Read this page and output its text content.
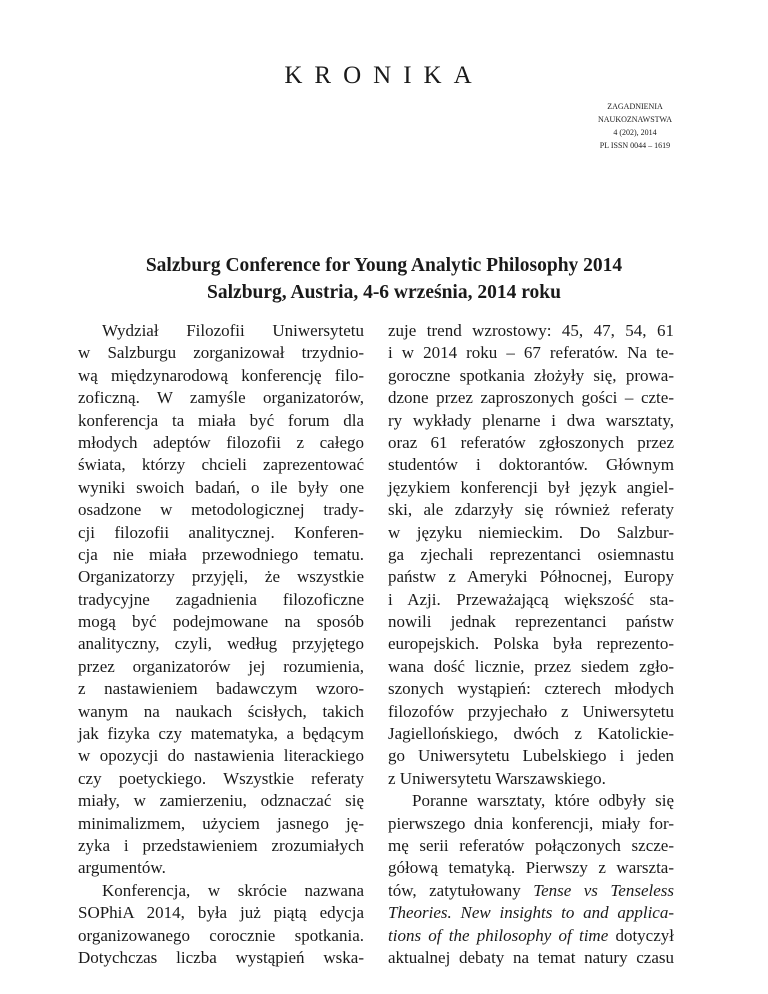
KRONIKA
ZAGADNIENIA
NAUKOZNAWSTWA
4 (202), 2014
PL ISSN 0044 – 1619
Salzburg Conference for Young Analytic Philosophy 2014
Salzburg, Austria, 4-6 września, 2014 roku
Wydział Filozofii Uniwersytetu
w Salzburgu zorganizował trzydnio-
wą międzynarodową konferencję filo-
zoficzną. W zamyśle organizatorów,
konferencja ta miała być forum dla
młodych adeptów filozofii z całego
świata, którzy chcieli zaprezentować
wyniki swoich badań, o ile były one
osadzone w metodologicznej trady-
cji filozofii analitycznej. Konferen-
cja nie miała przewodniego tematu.
Organizatorzy przyjęli, że wszystkie
tradycyjne zagadnienia filozoficzne
mogą być podejmowane na sposób
analityczny, czyli, według przyjętego
przez organizatorów jej rozumienia,
z nastawieniem badawczym wzoro-
wanym na naukach ścisłych, takich
jak fizyka czy matematyka, a będącym
w opozycji do nastawienia literackiego
czy poetyckiego. Wszystkie referaty
miały, w zamierzeniu, odznaczać się
minimalizmem, użyciem jasnego ję-
zyka i przedstawieniem zrozumiałych
argumentów.
Konferencja, w skrócie nazwana
SOPhiA 2014, była już piątą edycja
organizowanego corocznie spotkania.
Dotychczas liczba wystąpień wska-
zuje trend wzrostowy: 45, 47, 54, 61
i w 2014 roku – 67 referatów. Na te-
goroczne spotkania złożyły się, prowa-
dzone przez zaproszonych gości – czte-
ry wykłady plenarne i dwa warsztaty,
oraz 61 referatów zgłoszonych przez
studentów i doktorantów. Głównym
językiem konferencji był język angiel-
ski, ale zdarzyły się również referaty
w języku niemieckim. Do Salzbur-
ga zjechali reprezentanci osiemnastu
państw z Ameryki Północnej, Europy
i Azji. Przeważającą większość sta-
nowili jednak reprezentanci państw
europejskich. Polska była reprezento-
wana dość licznie, przez siedem zgło-
szonych wystąpień: czterech młodych
filozofów przyjechało z Uniwersytetu
Jagiellońskiego, dwóch z Katolickie-
go Uniwersytetu Lubelskiego i jeden
z Uniwersytetu Warszawskiego.
Poranne warsztaty, które odbyły się
pierwszego dnia konferencji, miały for-
mę serii referatów połączonych szcze-
gółową tematyką. Pierwszy z warszta-
tów, zatytułowany Tense vs Tenseless
Theories. New insights to and applica-
tions of the philosophy of time dotyczył
aktualnej debaty na temat natury czasu
